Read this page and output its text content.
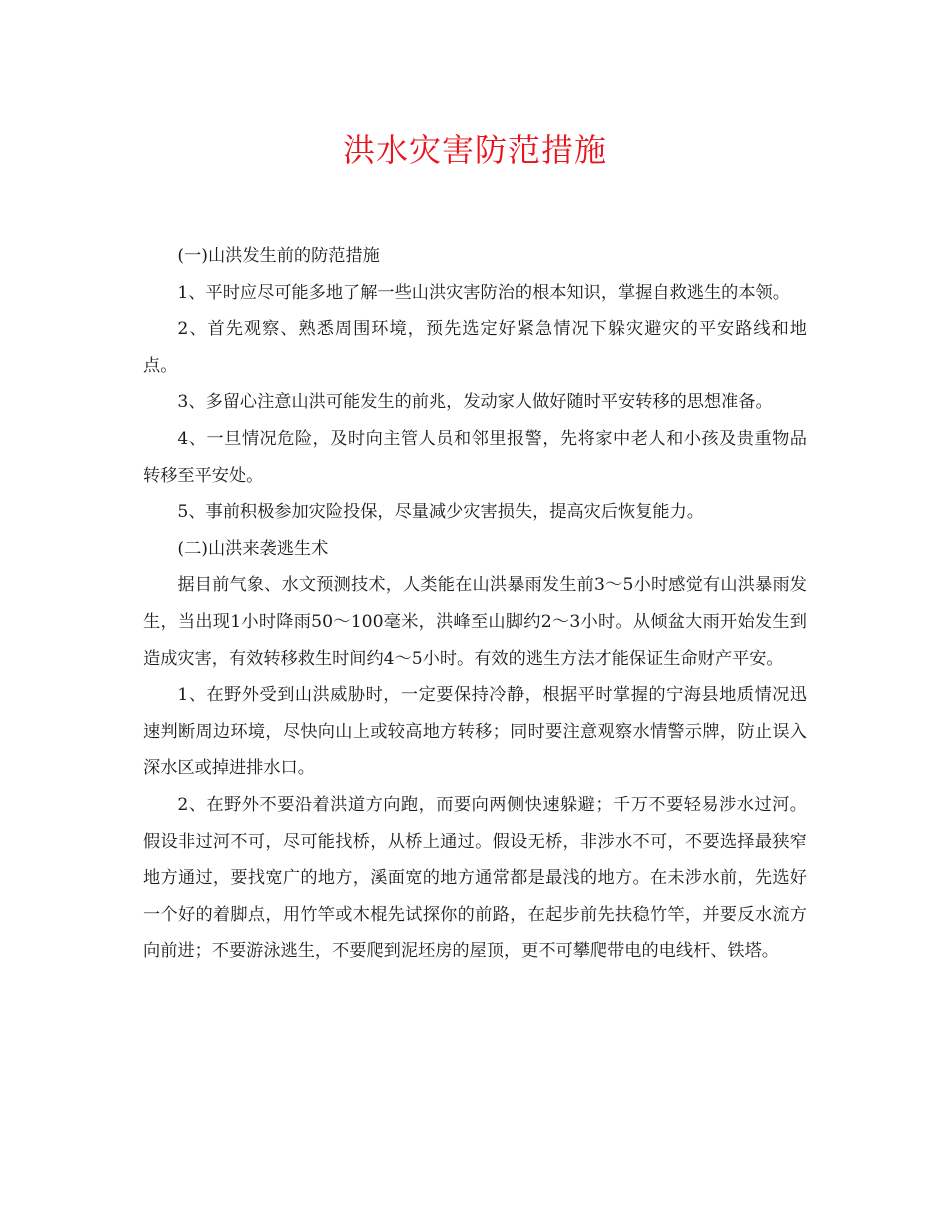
洪水灾害防范措施

(一)山洪发生前的防范措施

1、平时应尽可能多地了解一些山洪灾害防治的根本知识，掌握自救逃生的本领。

2、首先观察、熟悉周围环境，预先选定好紧急情况下躲灾避灾的平安路线和地点。

3、多留心注意山洪可能发生的前兆，发动家人做好随时平安转移的思想准备。

4、一旦情况危险，及时向主管人员和邻里报警，先将家中老人和小孩及贵重物品转移至平安处。

5、事前积极参加灾险投保，尽量减少灾害损失，提高灾后恢复能力。

(二)山洪来袭逃生术

据目前气象、水文预测技术，人类能在山洪暴雨发生前3～5小时感觉有山洪暴雨发生，当出现1小时降雨50～100毫米，洪峰至山脚约2～3小时。从倾盆大雨开始发生到造成灾害，有效转移救生时间约4～5小时。有效的逃生方法才能保证生命财产平安。

1、在野外受到山洪威胁时，一定要保持冷静，根据平时掌握的宁海县地质情况迅速判断周边环境，尽快向山上或较高地方转移；同时要注意观察水情警示牌，防止误入深水区或掉进排水口。

2、在野外不要沿着洪道方向跑，而要向两侧快速躲避；千万不要轻易涉水过河。假设非过河不可，尽可能找桥，从桥上通过。假设无桥，非涉水不可，不要选择最狭窄地方通过，要找宽广的地方，溪面宽的地方通常都是最浅的地方。在未涉水前，先选好一个好的着脚点，用竹竿或木棍先试探你的前路，在起步前先扶稳竹竿，并要反水流方向前进；不要游泳逃生，不要爬到泥坯房的屋顶，更不可攀爬带电的电线杆、铁塔。
